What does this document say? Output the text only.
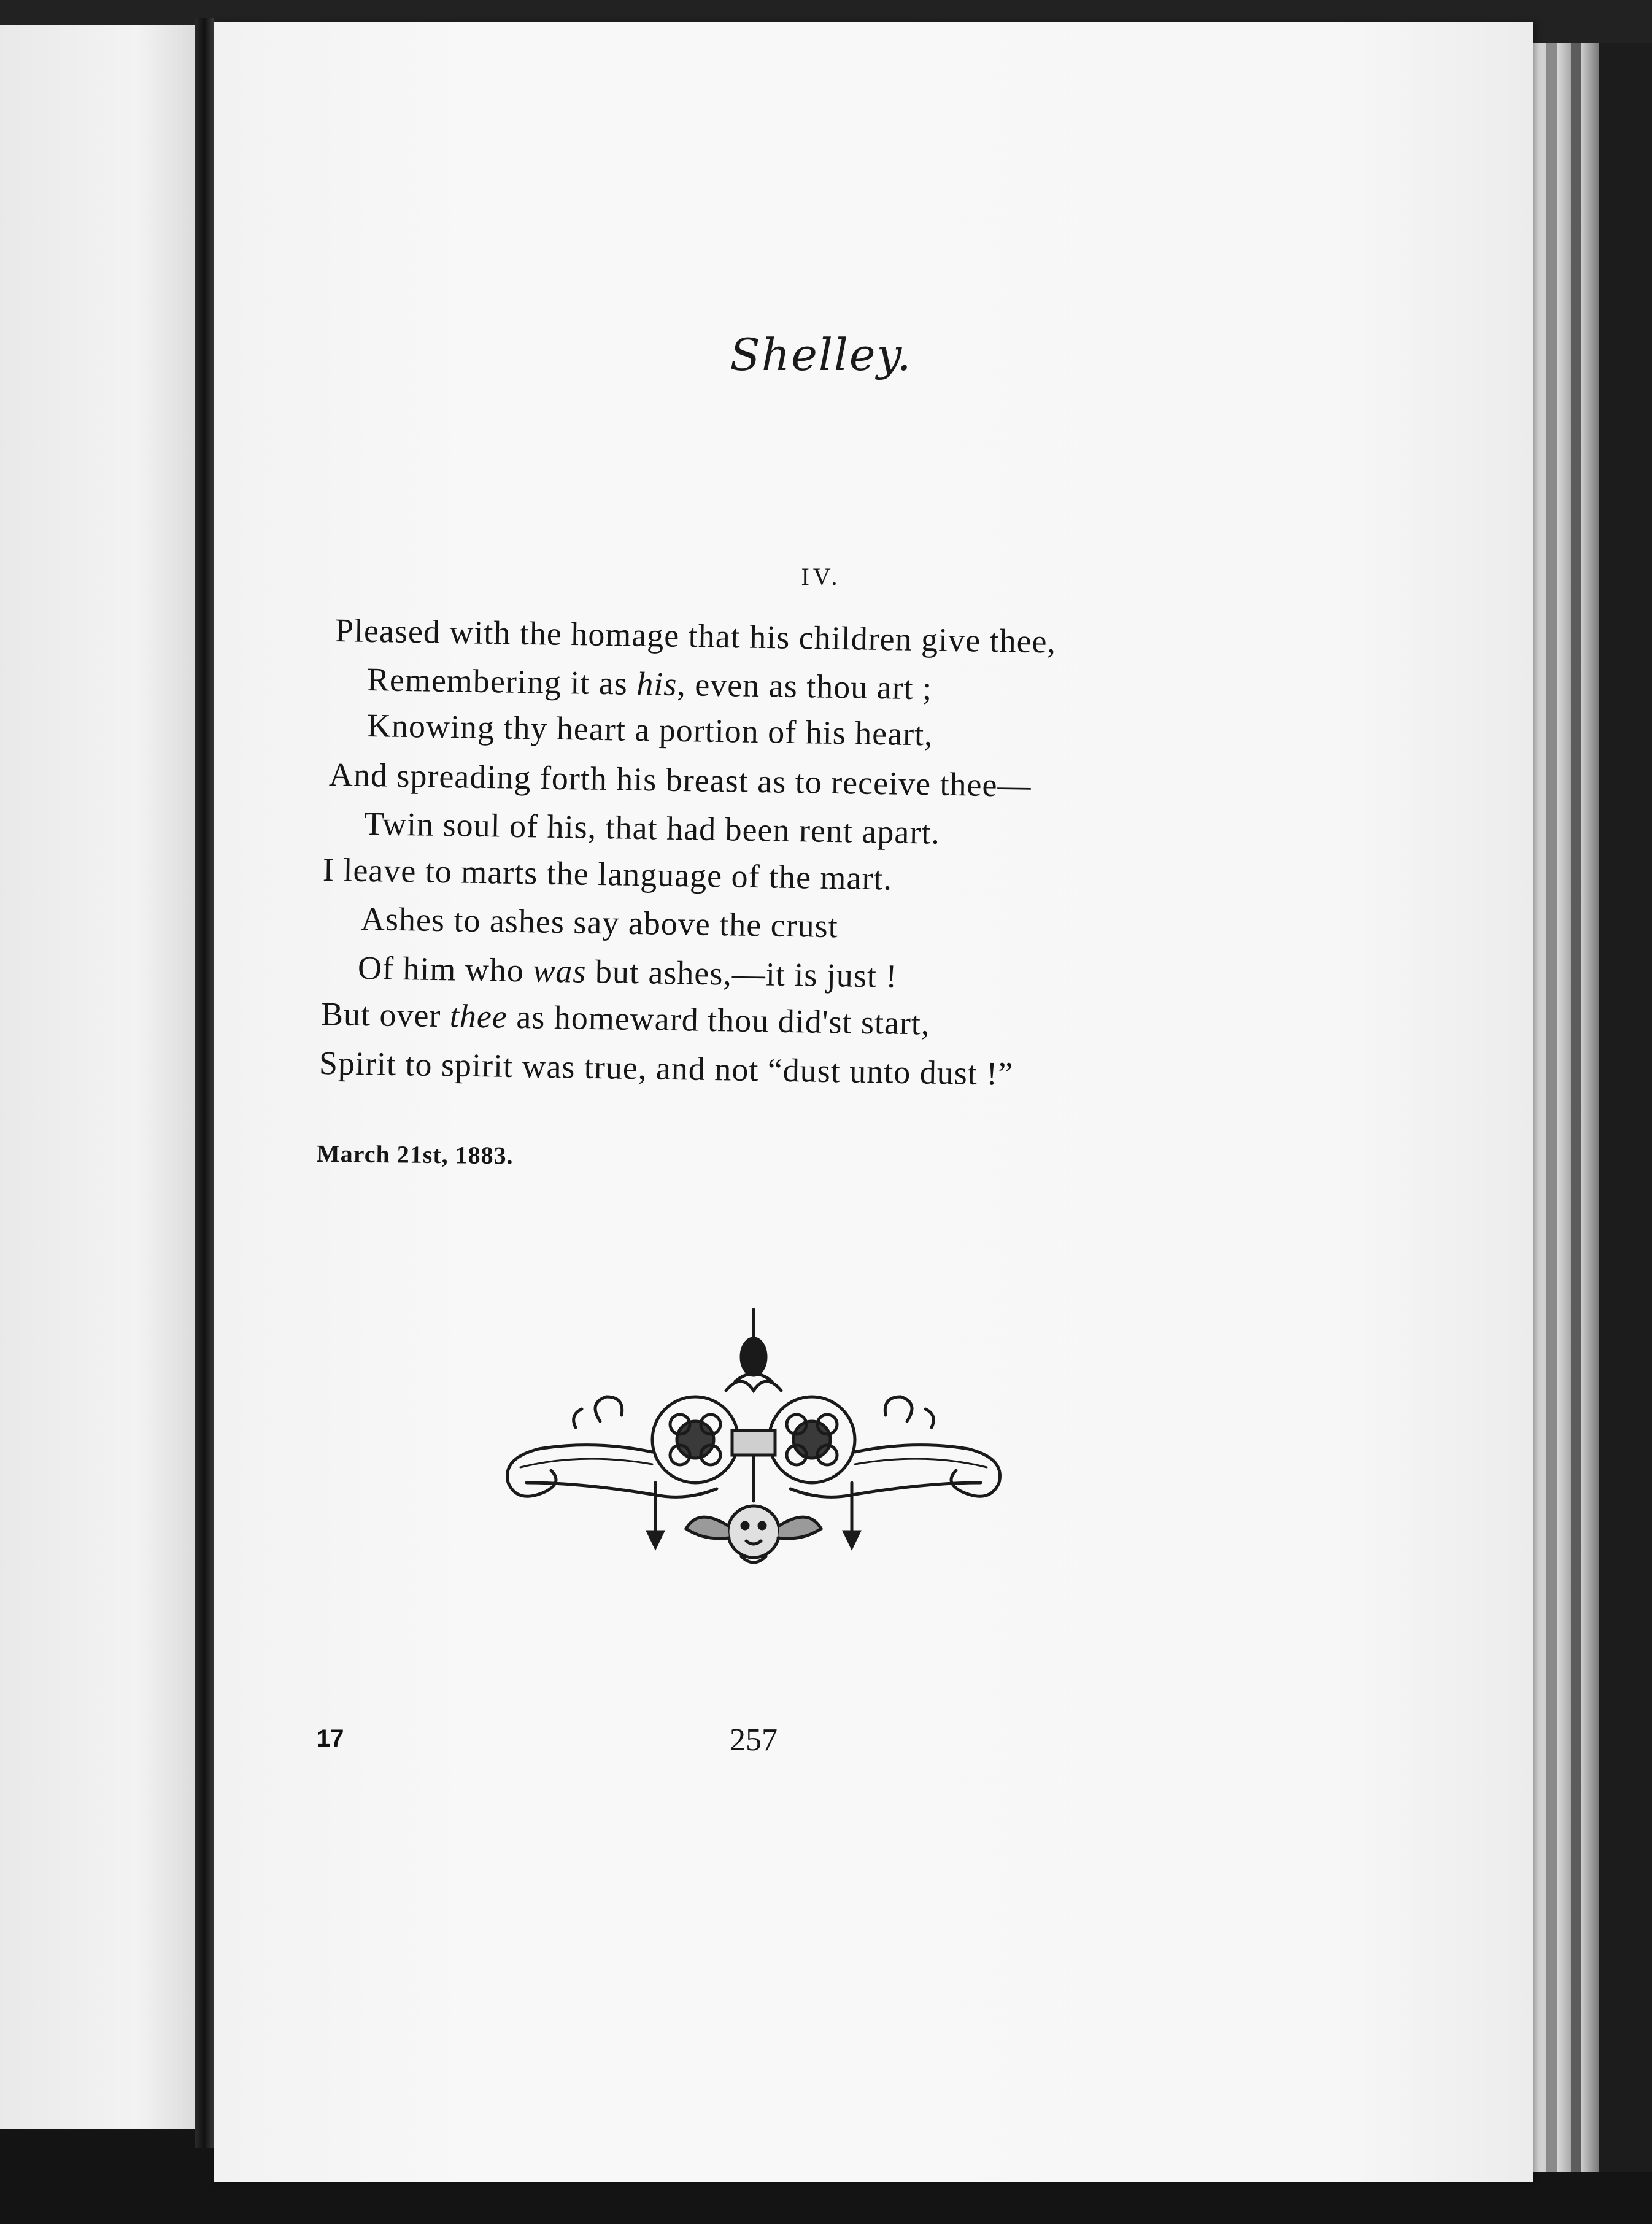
Shelley.
IV.
Pleased with the homage that his children give thee,
Remembering it as his, even as thou art ;
Knowing thy heart a portion of his heart,
And spreading forth his breast as to receive thee—
Twin soul of his, that had been rent apart.
I leave to marts the language of the mart.
Ashes to ashes say above the crust
Of him who was but ashes,—it is just !
But over thee as homeward thou did'st start,
Spirit to spirit was true, and not “dust unto dust !”
March 21st, 1883.
17	257
